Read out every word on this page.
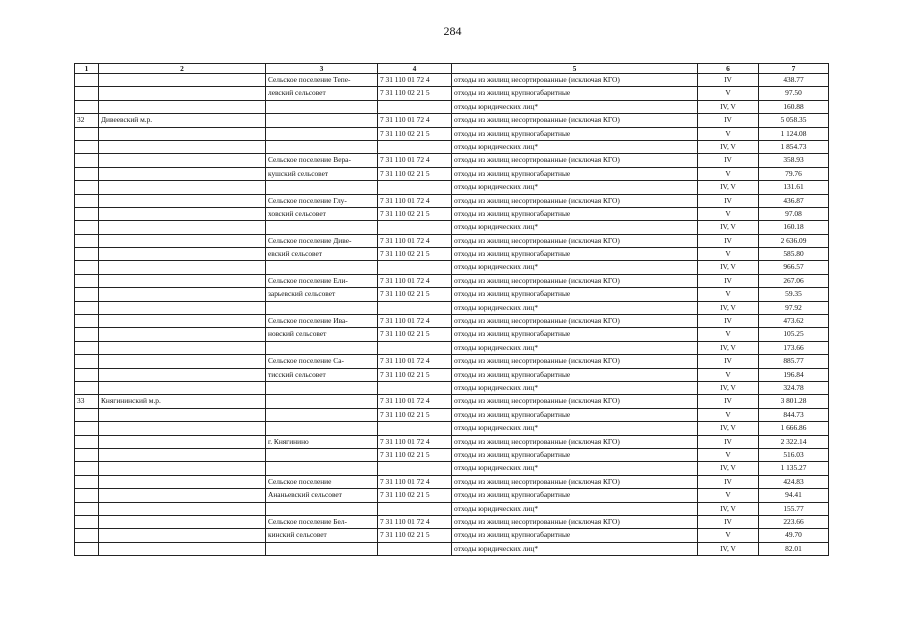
284
1	2	3	4	5	6	7
		Сельское поселение Тепе-	7 31 110 01 72 4	отходы из жилищ несортированные (исключая КГО)	IV	438.77
		левский сельсовет	7 31 110 02 21 5	отходы из жилищ крупногабаритные	V	97.50
				отходы юридических лиц*	IV, V	160.88
32	Дивеевский м.р.		7 31 110 01 72 4	отходы из жилищ несортированные (исключая КГО)	IV	5 058.35
			7 31 110 02 21 5	отходы из жилищ крупногабаритные	V	1 124.08
				отходы юридических лиц*	IV, V	1 854.73
		Сельское поселение Вера-	7 31 110 01 72 4	отходы из жилищ несортированные (исключая КГО)	IV	358.93
		кушский сельсовет	7 31 110 02 21 5	отходы из жилищ крупногабаритные	V	79.76
				отходы юридических лиц*	IV, V	131.61
		Сельское поселение Глу-	7 31 110 01 72 4	отходы из жилищ несортированные (исключая КГО)	IV	436.87
		ховский сельсовет	7 31 110 02 21 5	отходы из жилищ крупногабаритные	V	97.08
				отходы юридических лиц*	IV, V	160.18
		Сельское поселение Диве-	7 31 110 01 72 4	отходы из жилищ несортированные (исключая КГО)	IV	2 636.09
		евский сельсовет	7 31 110 02 21 5	отходы из жилищ крупногабаритные	V	585.80
				отходы юридических лиц*	IV, V	966.57
		Сельское поселение Ели-	7 31 110 01 72 4	отходы из жилищ несортированные (исключая КГО)	IV	267.06
		зарьевский сельсовет	7 31 110 02 21 5	отходы из жилищ крупногабаритные	V	59.35
				отходы юридических лиц*	IV, V	97.92
		Сельское поселение Ива-	7 31 110 01 72 4	отходы из жилищ несортированные (исключая КГО)	IV	473.62
		новский сельсовет	7 31 110 02 21 5	отходы из жилищ крупногабаритные	V	105.25
				отходы юридических лиц*	IV, V	173.66
		Сельское поселение Са-	7 31 110 01 72 4	отходы из жилищ несортированные (исключая КГО)	IV	885.77
		тисский сельсовет	7 31 110 02 21 5	отходы из жилищ крупногабаритные	V	196.84
				отходы юридических лиц*	IV, V	324.78
33	Княгининский м.р.		7 31 110 01 72 4	отходы из жилищ несортированные (исключая КГО)	IV	3 801.28
			7 31 110 02 21 5	отходы из жилищ крупногабаритные	V	844.73
				отходы юридических лиц*	IV, V	1 666.86
		г. Княгинино	7 31 110 01 72 4	отходы из жилищ несортированные (исключая КГО)	IV	2 322.14
			7 31 110 02 21 5	отходы из жилищ крупногабаритные	V	516.03
				отходы юридических лиц*	IV, V	1 135.27
		Сельское поселение	7 31 110 01 72 4	отходы из жилищ несортированные (исключая КГО)	IV	424.83
		Ананьевский сельсовет	7 31 110 02 21 5	отходы из жилищ крупногабаритные	V	94.41
				отходы юридических лиц*	IV, V	155.77
		Сельское поселение Бел-	7 31 110 01 72 4	отходы из жилищ несортированные (исключая КГО)	IV	223.66
		кинский сельсовет	7 31 110 02 21 5	отходы из жилищ крупногабаритные	V	49.70
				отходы юридических лиц*	IV, V	82.01
